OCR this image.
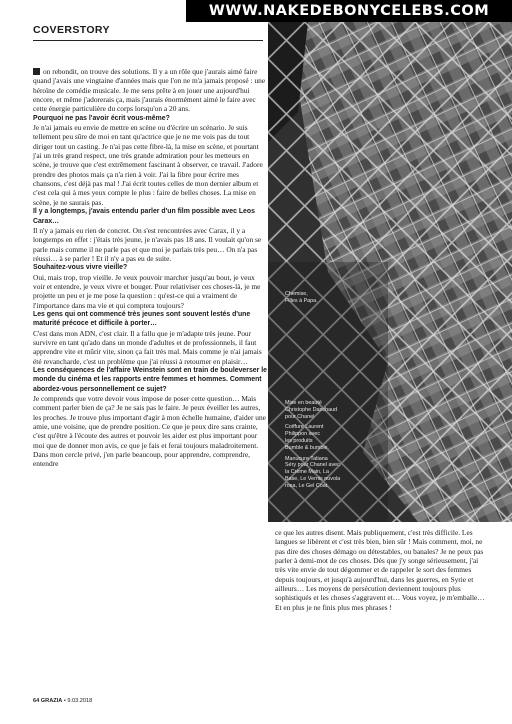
WWW.NAKEDEBONYCELEBS.COM
COVERSTORY

on rebondit, on trouve des solutions. Il y a un rôle que j'aurais aimé faire quand j'avais une vingtaine d'années mais que l'on ne m'a jamais proposé : une héroïne de comédie musicale. Je me sens prête à en jouer une aujourd'hui encore, et même j'adorerais ça, mais j'aurais énormément aimé le faire avec cette énergie particulière du corps lorsqu'on a 20 ans.

Pourquoi ne pas l'avoir écrit vous-même?

Je n'ai jamais eu envie de mettre en scène ou d'écrire un scénario. Je suis tellement peu sûre de moi en tant qu'actrice que je ne me vois pas du tout diriger tout un casting. Je n'ai pas cette fibre-là, la mise en scène, et pourtant j'ai un très grand respect, une très grande admiration pour les metteurs en scène, je trouve que c'est extrêmement fascinant à observer, ce travail. J'adore prendre des photos mais ça n'a rien à voir. J'ai la fibre pour écrire mes chansons, c'est déjà pas mal ! J'ai écrit toutes celles de mon dernier album et c'est cela qui à mes yeux compte le plus : faire de belles choses. La mise en scène, je ne saurais pas.

Il y a longtemps, j'avais entendu parler d'un film possible avec Leos Carax…

Il n'y a jamais eu rien de concret. On s'est rencontrées avec Carax, il y a longtemps en effet : j'étais très jeune, je n'avais pas 18 ans. Il voulait qu'on se parle mais comme il ne parle pas et que moi je parlais très peu… On n'a pas réussi… à se parler ! Et il n'y a pas eu de suite.

Souhaitez-vous vivre vieille?

Oui, mais trop, trop vieille. Je veux pouvoir marcher jusqu'au bout, je veux voir et entendre, je veux vivre et bouger. Pour relativiser ces choses-là, je me projette un peu et je me pose la question : qu'est-ce qui a vraiment de l'importance dans ma vie et qui comptera toujours?

Les gens qui ont commencé très jeunes sont souvent lestés d'une maturité précoce et difficile à porter…

C'est dans mon ADN, c'est clair. Il a fallu que je m'adapte très jeune. Pour survivre en tant qu'ado dans un monde d'adultes et de professionnels, il faut apprendre vite et mûrir vite, sinon ça fait très mal. Mais comme je n'ai jamais été revancharde, c'est un problème que j'ai réussi à retourner en plaisir…

Les conséquences de l'affaire Weinstein sont en train de bouleverser le monde du cinéma et les rapports entre femmes et hommes. Comment abordez-vous personnellement ce sujet?

Je comprends que votre devoir vous impose de poser cette question… Mais comment parler bien de ça? Je ne sais pas le faire. Je peux éveiller les autres, les proches. Je trouve plus important d'agir à mon échelle humaine, d'aider une amie, une voisine, que de prendre position. Ce que je peux dire sans crainte, c'est qu'être à l'écoute des autres et pouvoir les aider est plus important pour moi que de donner mon avis, ce que je fais et ferai toujours maladroitement. Dans mon cercle privé, j'en parle beaucoup, pour apprendre, comprendre, entendre

Chemise,
Filles à Papa.
Mise en beauté
Christophe Danchaud
pour Chanel
Coiffure Laurent
Philippon avec
les produits
Bumble & bumble.
Manucure Tatiana
Séry pour Chanel avec
la Crème Main, La
Base, Le Vernis nuvola
rosa, Le Gel Coat.

ce que les autres disent. Mais publiquement, c'est très difficile. Les langues se libèrent et c'est très bien, bien sûr ! Mais comment, moi, ne pas dire des choses démago ou détestables, ou banales? Je ne peux pas parler à demi-mot de ces choses. Dès que j'y songe sérieusement, j'ai très vite envie de tout dégommer et de rappeler le sort des femmes depuis toujours, et jusqu'à aujourd'hui, dans les guerres, en Syrie et ailleurs… Les moyens de persécution deviennent toujours plus sophistiqués et les choses s'aggravent et… Vous voyez, je m'emballe… Et en plus je ne finis plus mes phrases !

64 GRAZIA • 9.03.2018
